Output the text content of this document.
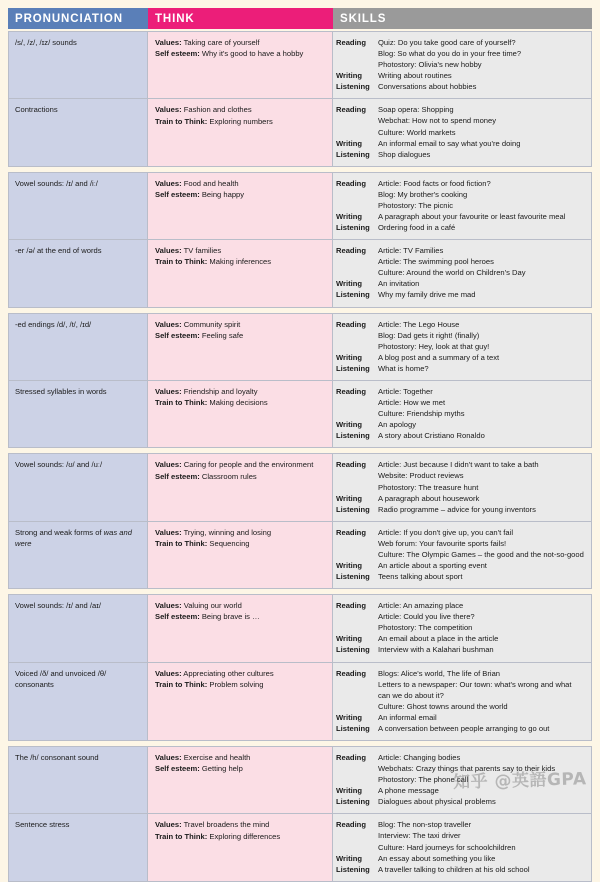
PRONUNCIATION	THINK	SKILLS
/s/, /z/, /ɪz/ sounds	Values: Taking care of yourself
Self esteem: Why it's good to have a hobby
Reading	Quiz: Do you take good care of yourself?
Blog: So what do you do in your free time?
Photostory: Olivia's new hobby
Writing	Writing about routines
Listening	Conversations about hobbies
Contractions	Values: Fashion and clothes
Train to Think: Exploring numbers
Reading	Soap opera: Shopping
Webchat: How not to spend money
Culture: World markets
Writing	An informal email to say what you're doing
Listening	Shop dialogues
Vowel sounds: /ɪ/ and /iː/	Values: Food and health
Self esteem: Being happy
Reading	Article: Food facts or food fiction?
Blog: My brother's cooking
Photostory: The picnic
Writing	A paragraph about your favourite or least favourite meal
Listening	Ordering food in a café
-er /ə/ at the end of words	Values: TV families
Train to Think: Making inferences
Reading	Article: TV Families
Article: The swimming pool heroes
Culture: Around the world on Children's Day
Writing	An invitation
Listening	Why my family drive me mad
-ed endings /d/, /t/, /ɪd/	Values: Community spirit
Self esteem: Feeling safe
Reading	Article: The Lego House
Blog: Dad gets it right! (finally)
Photostory: Hey, look at that guy!
Writing	A blog post and a summary of a text
Listening	What is home?
Stressed syllables in words	Values: Friendship and loyalty
Train to Think: Making decisions
Reading	Article: Together
Article: How we met
Culture: Friendship myths
Writing	An apology
Listening	A story about Cristiano Ronaldo
Vowel sounds: /ʊ/ and /uː/	Values: Caring for people and the environment
Self esteem: Classroom rules
Reading	Article: Just because I didn't want to take a bath
Website: Product reviews
Photostory: The treasure hunt
Writing	A paragraph about housework
Listening	Radio programme – advice for young inventors
Strong and weak forms of was and were
Values: Trying, winning and losing
Train to Think: Sequencing
Reading	Article: If you don't give up, you can't fail
Web forum: Your favourite sports fails!
Culture: The Olympic Games – the good and the not-so-good
Writing	An article about a sporting event
Listening	Teens talking about sport
Vowel sounds: /ɪ/ and /aɪ/	Values: Valuing our world
Self esteem: Being brave is …
Reading	Article: An amazing place
Article: Could you live there?
Photostory: The competition
Writing	An email about a place in the article
Listening	Interview with a Kalahari bushman
Voiced /ð/ and unvoiced /θ/ consonants
Values: Appreciating other cultures
Train to Think: Problem solving
Reading	Blogs: Alice's world, The life of Brian
Letters to a newspaper: Our town: what's wrong and what can we do about it?
Culture: Ghost towns around the world
Writing	An informal email
Listening	A conversation between people arranging to go out
The /h/ consonant sound	Values: Exercise and health
Self esteem: Getting help
Reading	Article: Changing bodies
Webchats: Crazy things that parents say to their kids
Photostory: The phone call
Writing	A phone message
Listening	Dialogues about physical problems
Sentence stress	Values: Travel broadens the mind
Train to Think: Exploring differences
Reading	Blog: The non-stop traveller
Interview: The taxi driver
Culture: Hard journeys for schoolchildren
Writing	An essay about something you like
Listening	A traveller talking to children at his old school
知乎 @英語GPA
